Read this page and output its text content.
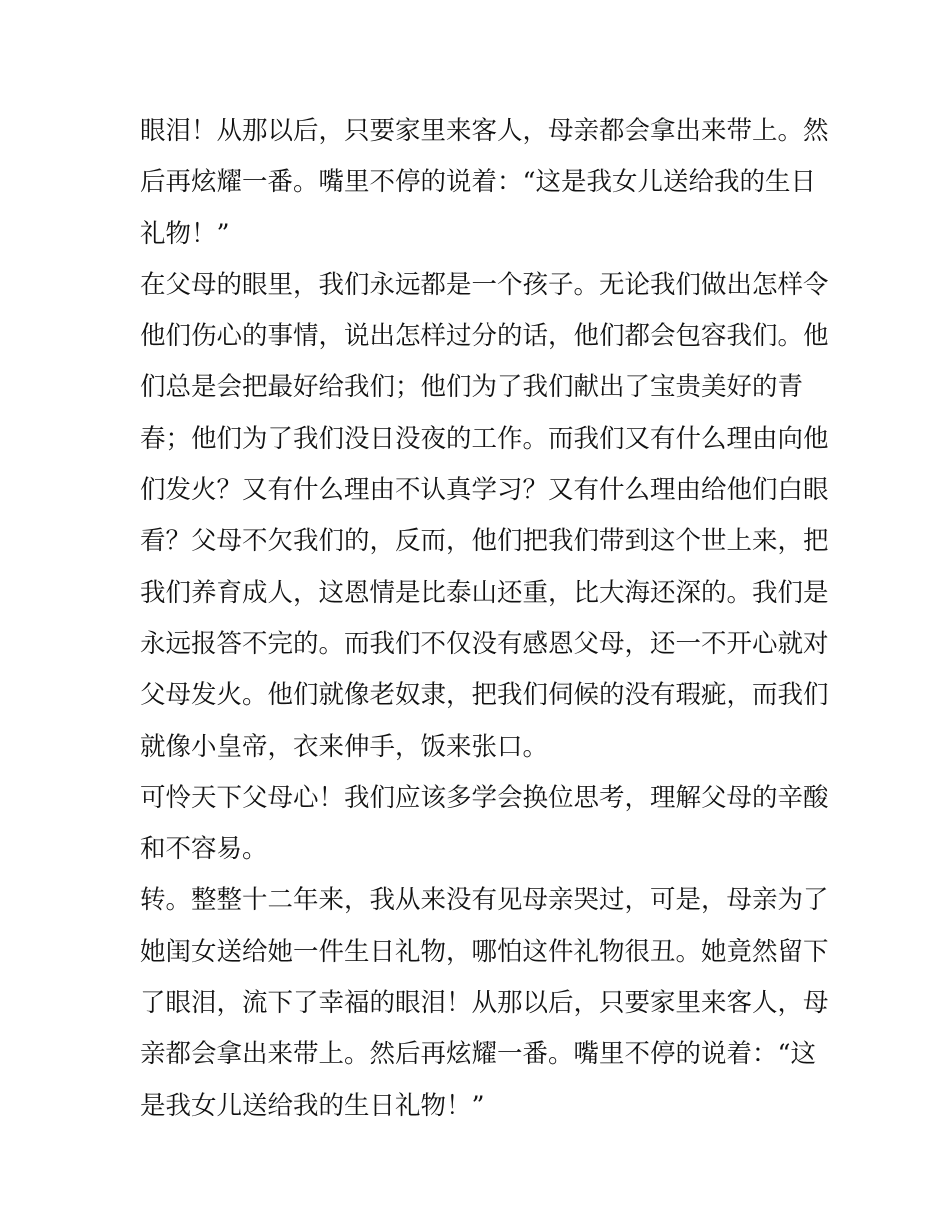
眼泪！从那以后，只要家里来客人，母亲都会拿出来带上。然
后再炫耀一番。嘴里不停的说着：“这是我女儿送给我的生日
礼物！”
在父母的眼里，我们永远都是一个孩子。无论我们做出怎样令
他们伤心的事情，说出怎样过分的话，他们都会包容我们。他
们总是会把最好给我们；他们为了我们献出了宝贵美好的青
春；他们为了我们没日没夜的工作。而我们又有什么理由向他
们发火？又有什么理由不认真学习？又有什么理由给他们白眼
看？父母不欠我们的，反而，他们把我们带到这个世上来，把
我们养育成人，这恩情是比泰山还重，比大海还深的。我们是
永远报答不完的。而我们不仅没有感恩父母，还一不开心就对
父母发火。他们就像老奴隶，把我们伺候的没有瑕疵，而我们
就像小皇帝，衣来伸手，饭来张口。
可怜天下父母心！我们应该多学会换位思考，理解父母的辛酸
和不容易。
转。整整十二年来，我从来没有见母亲哭过，可是，母亲为了
她闺女送给她一件生日礼物，哪怕这件礼物很丑。她竟然留下
了眼泪，流下了幸福的眼泪！从那以后，只要家里来客人，母
亲都会拿出来带上。然后再炫耀一番。嘴里不停的说着：“这
是我女儿送给我的生日礼物！”
